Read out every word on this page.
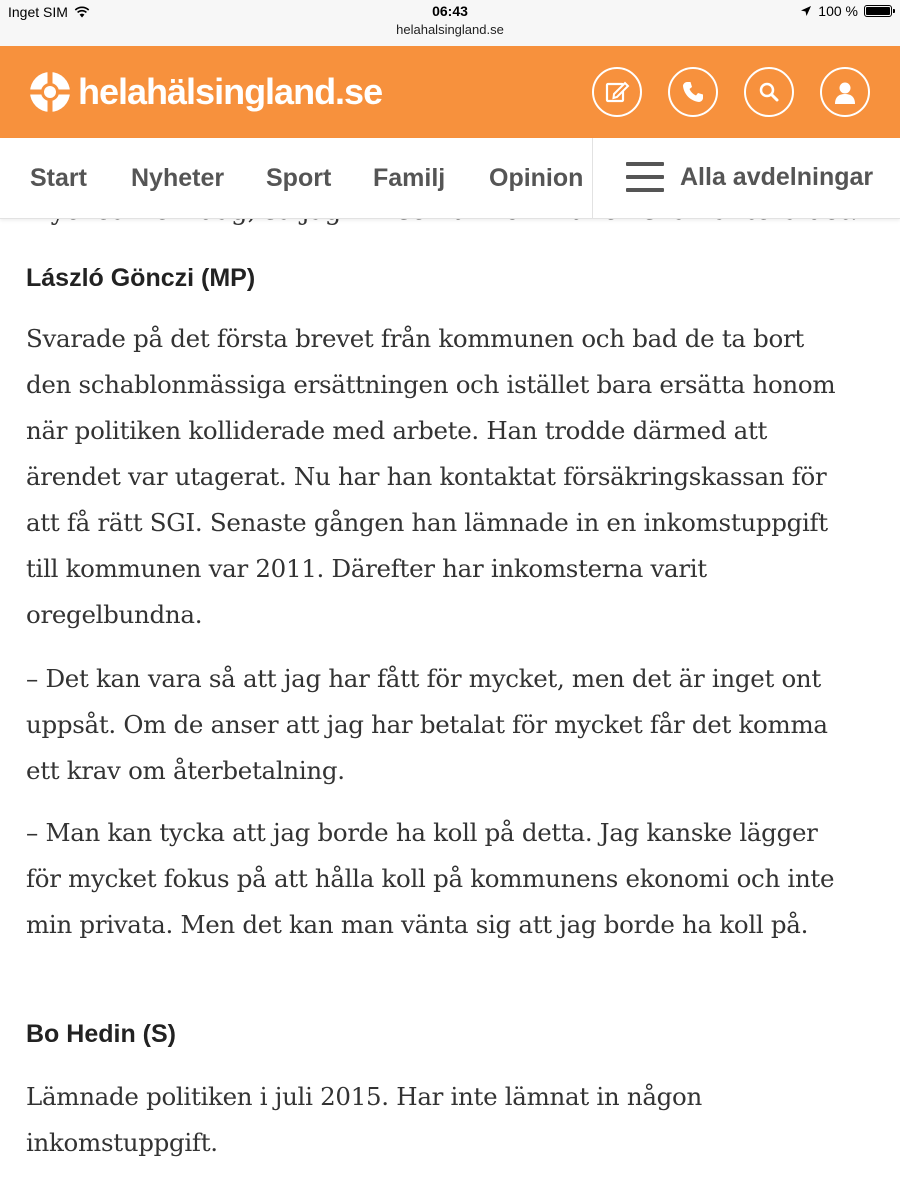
Inget SIM	06:43
helahalsingland.se
100 %
helahälsingland.se
Start Nyheter Sport Familj Opinion	Alla avdelningar
László Gönczi (MP)

Svarade på det första brevet från kommunen och bad de ta bort den schablonmässiga ersättningen och istället bara ersätta honom när politiken kolliderade med arbete. Han trodde därmed att ärendet var utagerat. Nu har han kontaktat försäkringskassan för att få rätt SGI. Senaste gången han lämnade in en inkomstuppgift till kommunen var 2011. Därefter har inkomsterna varit oregelbundna.

– Det kan vara så att jag har fått för mycket, men det är inget ont uppsåt. Om de anser att jag har betalat för mycket får det komma ett krav om återbetalning.

– Man kan tycka att jag borde ha koll på detta. Jag kanske lägger för mycket fokus på att hålla koll på kommunens ekonomi och inte min privata. Men det kan man vänta sig att jag borde ha koll på.

Bo Hedin (S)

Lämnade politiken i juli 2015. Har inte lämnat in någon inkomstuppgift.
